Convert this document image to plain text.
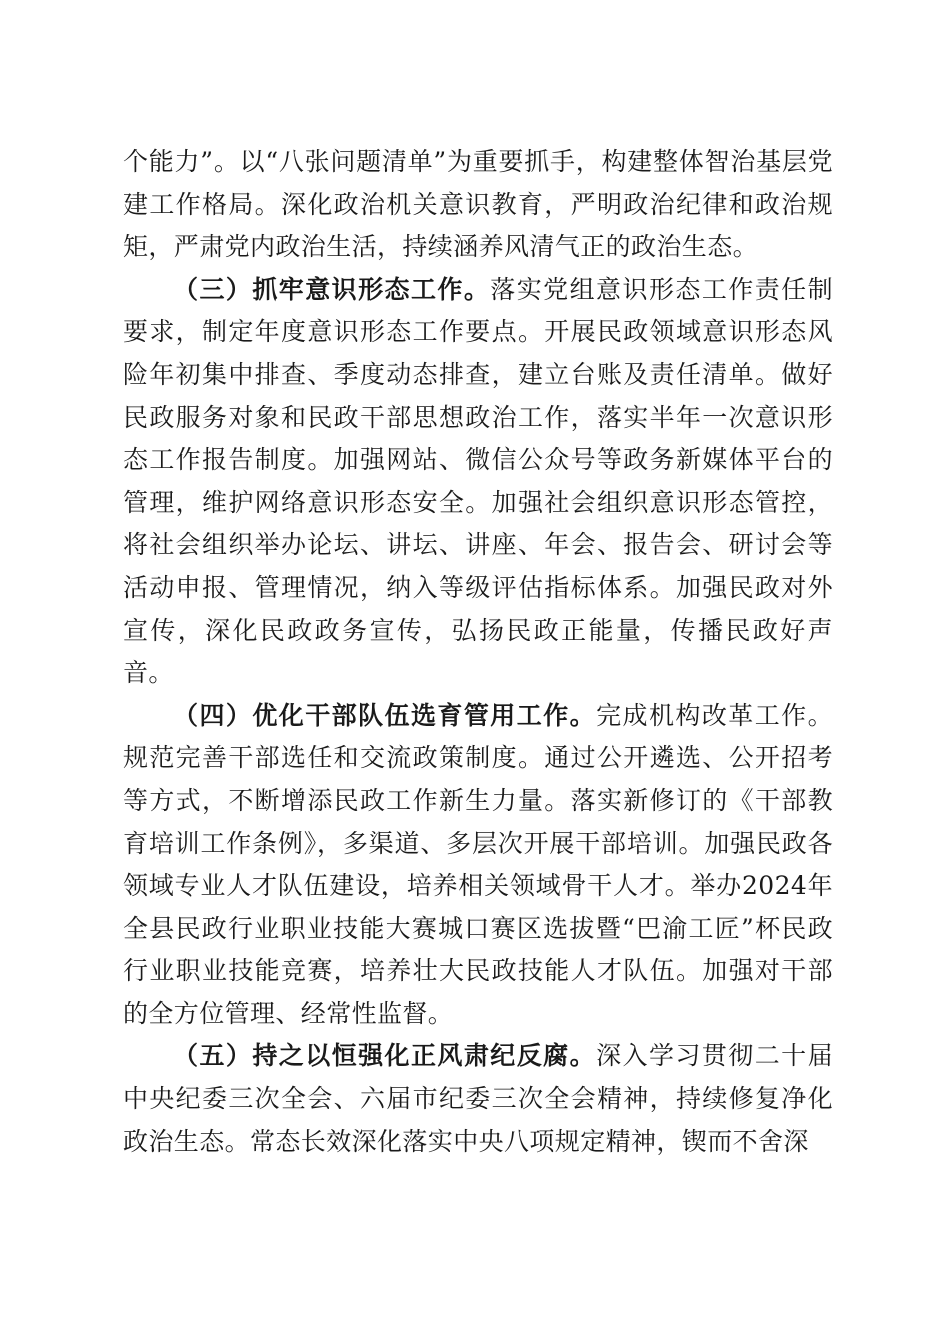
个能力”。以“八张问题清单”为重要抓手，构建整体智治基层党建工作格局。深化政治机关意识教育，严明政治纪律和政治规矩，严肃党内政治生活，持续涵养风清气正的政治生态。

（三）抓牢意识形态工作。落实党组意识形态工作责任制要求，制定年度意识形态工作要点。开展民政领域意识形态风险年初集中排查、季度动态排查，建立台账及责任清单。做好民政服务对象和民政干部思想政治工作，落实半年一次意识形态工作报告制度。加强网站、微信公众号等政务新媒体平台的管理，维护网络意识形态安全。加强社会组织意识形态管控，将社会组织举办论坛、讲坛、讲座、年会、报告会、研讨会等活动申报、管理情况，纳入等级评估指标体系。加强民政对外宣传，深化民政政务宣传，弘扬民政正能量，传播民政好声音。

（四）优化干部队伍选育管用工作。完成机构改革工作。规范完善干部选任和交流政策制度。通过公开遴选、公开招考等方式，不断增添民政工作新生力量。落实新修订的《干部教育培训工作条例》，多渠道、多层次开展干部培训。加强民政各领域专业人才队伍建设，培养相关领域骨干人才。举办2024年全县民政行业职业技能大赛城口赛区选拔暨“巴渝工匠”杯民政行业职业技能竞赛，培养壮大民政技能人才队伍。加强对干部的全方位管理、经常性监督。

（五）持之以恒强化正风肃纪反腐。深入学习贯彻二十届中央纪委三次全会、六届市纪委三次全会精神，持续修复净化政治生态。常态长效深化落实中央八项规定精神，锲而不舍深
